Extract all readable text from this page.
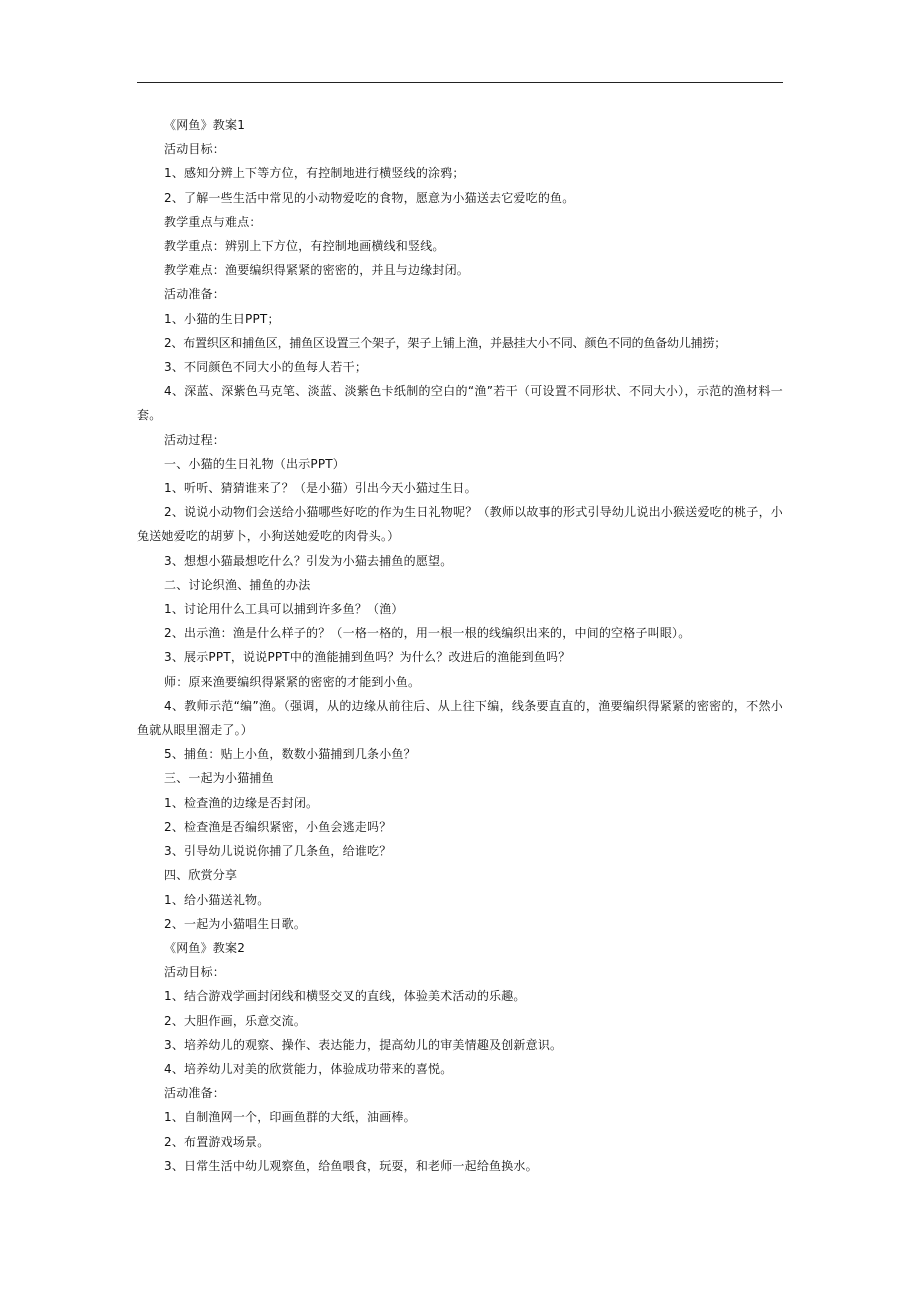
《网鱼》教案1

活动目标：

1、感知分辨上下等方位，有控制地进行横竖线的涂鸦；

2、了解一些生活中常见的小动物爱吃的食物，愿意为小猫送去它爱吃的鱼。

教学重点与难点：

教学重点：辨别上下方位，有控制地画横线和竖线。

教学难点：渔要编织得紧紧的密密的，并且与边缘封闭。

活动准备：

1、小猫的生日PPT；

2、布置织区和捕鱼区，捕鱼区设置三个架子，架子上铺上渔，并悬挂大小不同、颜色不同的鱼备幼儿捕捞；

3、不同颜色不同大小的鱼每人若干；

4、深蓝、深紫色马克笔、淡蓝、淡紫色卡纸制的空白的“渔”若干（可设置不同形状、不同大小），示范的渔材料一套。

活动过程：

一、小猫的生日礼物（出示PPT）

1、听听、猜猜谁来了？（是小猫）引出今天小猫过生日。

2、说说小动物们会送给小猫哪些好吃的作为生日礼物呢？（教师以故事的形式引导幼儿说出小猴送爱吃的桃子，小兔送她爱吃的胡萝卜，小狗送她爱吃的肉骨头。）

3、想想小猫最想吃什么？引发为小猫去捕鱼的愿望。

二、讨论织渔、捕鱼的办法

1、讨论用什么工具可以捕到许多鱼？（渔）

2、出示渔：渔是什么样子的？（一格一格的，用一根一根的线编织出来的，中间的空格子叫眼）。

3、展示PPT，说说PPT中的渔能捕到鱼吗？为什么？改进后的渔能到鱼吗？

师：原来渔要编织得紧紧的密密的才能到小鱼。

4、教师示范“编”渔。（强调，从的边缘从前往后、从上往下编，线条要直直的，渔要编织得紧紧的密密的，不然小鱼就从眼里溜走了。）

5、捕鱼：贴上小鱼，数数小猫捕到几条小鱼？

三、一起为小猫捕鱼

1、检查渔的边缘是否封闭。

2、检查渔是否编织紧密，小鱼会逃走吗？

3、引导幼儿说说你捕了几条鱼，给谁吃？

四、欣赏分享

1、给小猫送礼物。

2、一起为小猫唱生日歌。

《网鱼》教案2

活动目标：

1、结合游戏学画封闭线和横竖交叉的直线，体验美术活动的乐趣。

2、大胆作画，乐意交流。

3、培养幼儿的观察、操作、表达能力，提高幼儿的审美情趣及创新意识。

4、培养幼儿对美的欣赏能力，体验成功带来的喜悦。

活动准备：

1、自制渔网一个，印画鱼群的大纸，油画棒。

2、布置游戏场景。

3、日常生活中幼儿观察鱼，给鱼喂食，玩耍，和老师一起给鱼换水。
